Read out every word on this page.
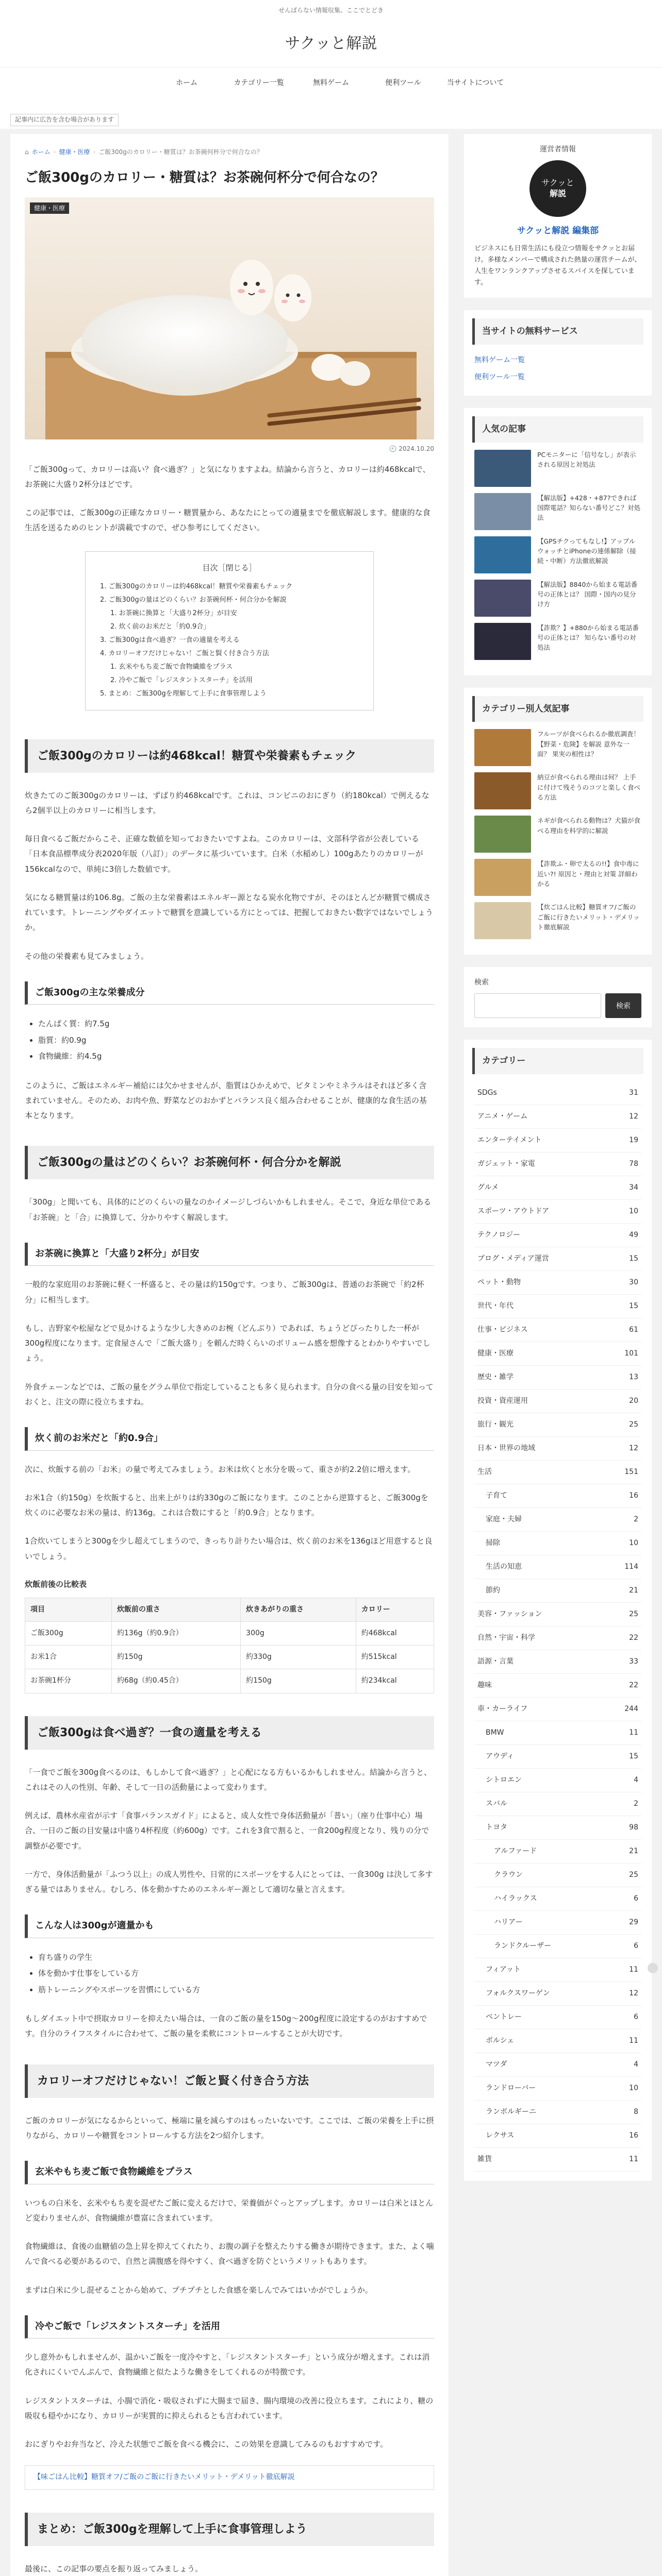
せんばらない情報収集、ここでとどき
サクッと解説
ホーム	カテゴリー一覧	無料ゲーム	便利ツール	当サイトについて
記事内に広告を含む場合があります
⌂ ホーム › 健康・医療 › ご飯300gのカロリー・糖質は？お茶碗何杯分で何合なの？
ご飯300gのカロリー・糖質は？お茶碗何杯分で何合なの？
健康・医療
🕘 2024.10.20

「ご飯300gって、カロリーは高い？食べ過ぎ？」と気になりますよね。結論から言うと、カロリーは約468kcalで、お茶碗に大盛り2杯分ほどです。

この記事では、ご飯300gの正確なカロリー・糖質量から、あなたにとっての適量までを徹底解説します。健康的な食生活を送るためのヒントが満載ですので、ぜひ参考にしてください。

目次［閉じる］
1. ご飯300gのカロリーは約468kcal！糖質や栄養素もチェック
2. ご飯300gの量はどのくらい？お茶碗何杯・何合分かを解説
1. お茶碗に換算と「大盛り2杯分」が目安
2. 炊く前のお米だと「約0.9合」
3. ご飯300gは食べ過ぎ？一食の適量を考える
4. カロリーオフだけじゃない！ご飯と賢く付き合う方法
1. 玄米やもち麦ご飯で食物繊維をプラス
2. 冷やご飯で「レジスタントスターチ」を活用
5. まとめ：ご飯300gを理解して上手に食事管理しよう
ご飯300gのカロリーは約468kcal！糖質や栄養素もチェック

炊きたてのご飯300gのカロリーは、ずばり約468kcalです。これは、コンビニのおにぎり（約180kcal）で例えるなら2個半以上のカロリーに相当します。

毎日食べるご飯だからこそ、正確な数値を知っておきたいですよね。このカロリーは、文部科学省が公表している「日本食品標準成分表2020年版（八訂）」のデータに基づいています。白米（水稲めし）100gあたりのカロリーが156kcalなので、単純に3倍した数値です。

気になる糖質量は約106.8g。ご飯の主な栄養素はエネルギー源となる炭水化物ですが、そのほとんどが糖質で構成されています。トレーニングやダイエットで糖質を意識している方にとっては、把握しておきたい数字ではないでしょうか。

その他の栄養素も見てみましょう。

ご飯300gの主な栄養成分
• たんぱく質：約7.5g
• 脂質：約0.9g
• 食物繊維：約4.5g

このように、ご飯はエネルギー補給には欠かせませんが、脂質はひかえめで、ビタミンやミネラルはそれほど多く含まれていません。そのため、お肉や魚、野菜などのおかずとバランス良く組み合わせることが、健康的な食生活の基本となります。

ご飯300gの量はどのくらい？お茶碗何杯・何合分かを解説

「300g」と聞いても、具体的にどのくらいの量なのかイメージしづらいかもしれません。そこで、身近な単位である「お茶碗」と「合」に換算して、分かりやすく解説します。

お茶碗に換算と「大盛り2杯分」が目安

一般的な家庭用のお茶碗に軽く一杯盛ると、その量は約150gです。つまり、ご飯300gは、普通のお茶碗で「約2杯分」に相当します。

もし、吉野家や松屋などで見かけるような少し大きめのお椀（どんぶり）であれば、ちょうどぴったりした一杯が300g程度になります。定食屋さんで「ご飯大盛り」を頼んだ時くらいのボリューム感を想像するとわかりやすいでしょう。

外食チェーンなどでは、ご飯の量をグラム単位で指定していることも多く見られます。自分の食べる量の目安を知っておくと、注文の際に役立ちますね。

炊く前のお米だと「約0.9合」

次に、炊飯する前の「お米」の量で考えてみましょう。お米は炊くと水分を吸って、重さが約2.2倍に増えます。

お米1合（約150g）を炊飯すると、出来上がりは約330gのご飯になります。このことから逆算すると、ご飯300gを炊くのに必要なお米の量は、約136g。これは合数にすると「約0.9合」となります。

1合炊いてしまうと300gを少し超えてしまうので、きっちり計りたい場合は、炊く前のお米を136gほど用意すると良いでしょう。

炊飯前後の比較表
項目	炊飯前の重さ	炊きあがりの重さ	カロリー
ご飯300g	約136g（約0.9合）	300g	約468kcal
お米1合	約150g	約330g	約515kcal
お茶碗1杯分	約68g（約0.45合）	約150g	約234kcal
ご飯300gは食べ過ぎ？一食の適量を考える

「一食でご飯を300g食べるのは、もしかして食べ過ぎ？」と心配になる方もいるかもしれません。結論から言うと、これはその人の性別、年齢、そして一日の活動量によって変わります。

例えば、農林水産省が示す「食事バランスガイド」によると、成人女性で身体活動量が「普い」（座り仕事中心）場合、一日のご飯の目安量は中盛り4杯程度（約600g）です。これを3食で割ると、一食200g程度となり、残りの分で調整が必要です。

一方で、身体活動量が「ふつう以上」の成人男性や、日常的にスポーツをする人にとっては、一食300g は決して多すぎる量ではありません。むしろ、体を動かすためのエネルギー源として適切な量と言えます。

こんな人は300gが適量かも
• 育ち盛りの学生
• 体を動かす仕事をしている方
• 筋トレーニングやスポーツを習慣にしている方

もしダイエット中で摂取カロリーを抑えたい場合は、一食のご飯の量を150g〜200g程度に設定するのがおすすめです。自分のライフスタイルに合わせて、ご飯の量を柔軟にコントロールすることが大切です。

カロリーオフだけじゃない！ご飯と賢く付き合う方法

ご飯のカロリーが気になるからといって、極端に量を減らすのはもったいないです。ここでは、ご飯の栄養を上手に摂りながら、カロリーや糖質をコントロールする方法を2つ紹介します。

玄米やもち麦ご飯で食物繊維をプラス

いつもの白米を、玄米やもち麦を混ぜたご飯に変えるだけで、栄養価がぐっとアップします。カロリーは白米とほとんど変わりませんが、食物繊維が豊富に含まれています。

食物繊維は、食後の血糖値の急上昇を抑えてくれたり、お腹の調子を整えたりする働きが期待できます。また、よく噛んで食べる必要があるので、自然と満腹感を得やすく、食べ過ぎを防ぐというメリットもあります。

まずは白米に少し混ぜることから始めて、プチプチとした食感を楽しんでみてはいかがでしょうか。

冷やご飯で「レジスタントスターチ」を活用

少し意外かもしれませんが、温かいご飯を一度冷やすと、「レジスタントスターチ」という成分が増えます。これは消化されにくいでんぷんで、食物繊維と似たような働きをしてくれるのが特徴です。

レジスタントスターチは、小腸で消化・吸収されずに大腸まで届き、腸内環境の改善に役立ちます。これにより、糖の吸収も穏やかになり、カロリーが実質的に抑えられるとも言われています。

おにぎりやお弁当など、冷えた状態でご飯を食べる機会に、この効果を意識してみるのもおすすめです。

【味ごはん比較】糖質オフ/ご飯のご飯に行きたいメリット・デメリット徹底解説
まとめ：ご飯300gを理解して上手に食事管理しよう

最後に、この記事の要点を振り返ってみましょう。

運営者情報
サクッと
解説
サクッと解説 編集部
ビジネスにも日常生活にも役立つ情報をサクッとお届け。多様なメンバーで構成された熱量の運営チームが、人生をワンランクアップさせるスパイスを探しています。
当サイトの無料サービス
無料ゲーム一覧
便利ツール一覧

人気の記事
PCモニターに「信号なし」が表示される原因と対処法
【解法版】+428・+87?できれば国際電話？知らない番号どこ？対処法
【GPSチクってもなし!】アップルウォッチとiPhoneの連係解除（接続・中断）方法徹底解説
【解法版】8840から始まる電話番号の正体とは？ 国際・国内の見分け方
【詐欺？】+880から始まる電話番号の正体とは？ 知らない番号の対処法
カテゴリー別人気記事
フルーツが食べられるか徹底調査！【野菜・危険】を解説 意外な一面？ 果実の相性は？
納豆が食べられる理由は何？ 上手に付けて残そうのコツと楽しく食べる方法
ネギが食べられる動物は？犬猫が食べる理由を科学的に解説
【詐欺ふ・卵で太るの!!】食中毒に近い?! 原因と・理由と対策 詳細わかる
【炊ごはん比較】糖質オフ/ご飯のご飯に行きたいメリット・デメリット徹底解説
検索
検索
カテゴリー
SDGs	31
アニメ・ゲーム	12
エンターテイメント	19
ガジェット・家電	78
グルメ	34
スポーツ・アウトドア	10
テクノロジー	49
ブログ・メディア運営	15
ペット・動物	30
世代・年代	15
仕事・ビジネス	61
健康・医療	101
歴史・雑学	13
投資・資産運用	20
旅行・観光	25
日本・世界の地域	12
生活	151
子育て	16
家庭・夫婦	2
掃除	10
生活の知恵	114
節約	21
美容・ファッション	25
自然・宇宙・科学	22
語源・言葉	33
趣味	22
車・カーライフ	244
BMW	11
アウディ	15
シトロエン	4
スバル	2
トヨタ	98
アルファード	21
クラウン	25
ハイラックス	6
ハリアー	29
ランドクルーザー	6
フィアット	11
フォルクスワーゲン	12
ベントレー	6
ポルシェ	11
マツダ	4
ランドローバー	10
ランボルギーニ	8
レクサス	16
雑貨	11
